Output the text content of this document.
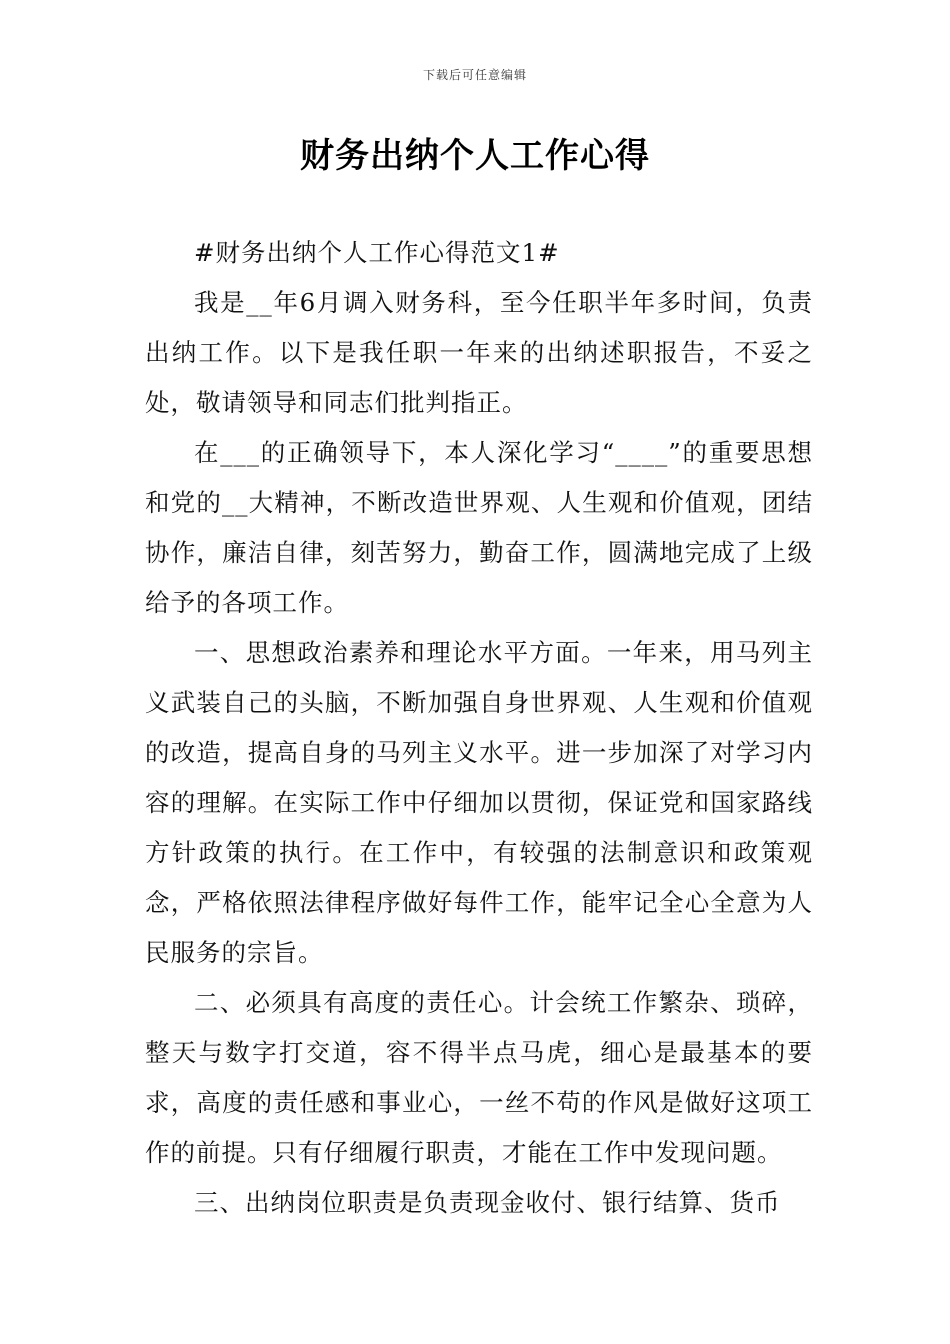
下载后可任意编辑
财务出纳个人工作心得

#财务出纳个人工作心得范文1#

我是__年6月调入财务科，至今任职半年多时间，负责出纳工作。以下是我任职一年来的出纳述职报告，不妥之处，敬请领导和同志们批判指正。

在___的正确领导下，本人深化学习“____”的重要思想和党的__大精神，不断改造世界观、人生观和价值观，团结协作，廉洁自律，刻苦努力，勤奋工作，圆满地完成了上级给予的各项工作。

一、思想政治素养和理论水平方面。一年来，用马列主义武装自己的头脑，不断加强自身世界观、人生观和价值观的改造，提高自身的马列主义水平。进一步加深了对学习内容的理解。在实际工作中仔细加以贯彻，保证党和国家路线方针政策的执行。在工作中，有较强的法制意识和政策观念，严格依照法律程序做好每件工作，能牢记全心全意为人民服务的宗旨。

二、必须具有高度的责任心。计会统工作繁杂、琐碎，整天与数字打交道，容不得半点马虎，细心是最基本的要求，高度的责任感和事业心，一丝不苟的作风是做好这项工作的前提。只有仔细履行职责，才能在工作中发现问题。

三、出纳岗位职责是负责现金收付、银行结算、货币
